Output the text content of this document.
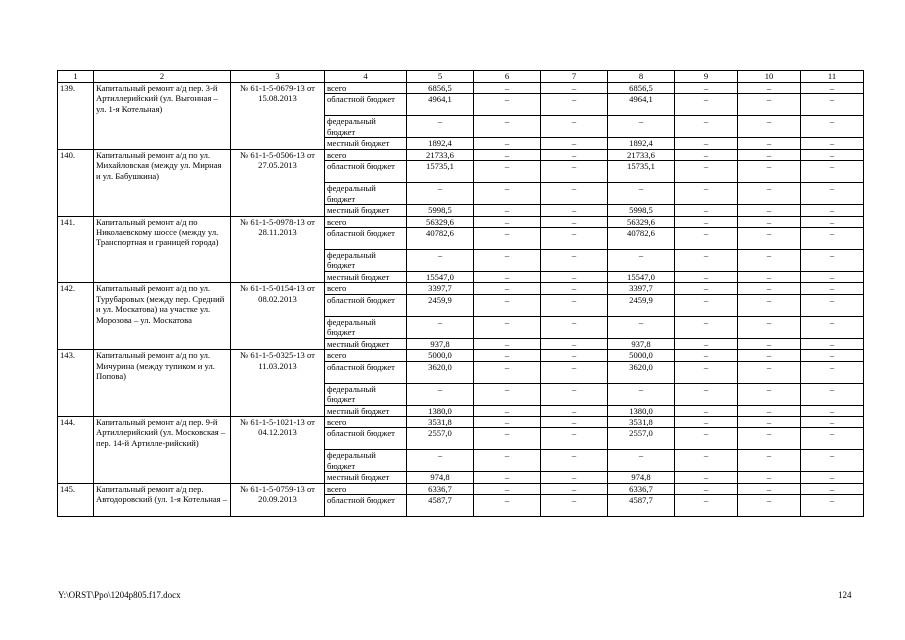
1	2	3	4	5	6	7	8	9	10	11
139.	Капитальный ремонт а/д пер. 3-й Артиллерийский (ул. Выгонная – ул. 1-я Котельная)	№ 61-1-5-0679-13 от 15.08.2013	всего	6856,5	–	–	6856,5	–	–	–
			областной бюджет	4964,1	–	–	4964,1	–	–	–
			федеральный бюджет	–	–	–	–	–	–	–
			местный бюджет	1892,4	–	–	1892,4	–	–	–
140.	Капитальный ремонт а/д по ул. Михайловская (между ул. Мирная и ул. Бабушкина)	№ 61-1-5-0506-13 от 27.05.2013	всего	21733,6	–	–	21733,6	–	–	–
			областной бюджет	15735,1	–	–	15735,1	–	–	–
			федеральный бюджет	–	–	–	–	–	–	–
			местный бюджет	5998,5	–	–	5998,5	–	–	–
141.	Капитальный ремонт а/д по Николаевскому шоссе (между ул. Транспортная и границей города)	№ 61-1-5-0978-13 от 28.11.2013	всего	56329,6	–	–	56329,6	–	–	–
			областной бюджет	40782,6	–	–	40782,6	–	–	–
			федеральный бюджет	–	–	–	–	–	–	–
			местный бюджет	15547,0	–	–	15547,0	–	–	–
142.	Капитальный ремонт а/д по ул. Турубаровых (между пер. Средний и ул. Москатова) на участке ул. Морозова – ул. Москатова	№ 61-1-5-0154-13 от 08.02.2013	всего	3397,7	–	–	3397,7	–	–	–
			областной бюджет	2459,9	–	–	2459,9	–	–	–
			федеральный бюджет	–	–	–	–	–	–	–
			местный бюджет	937,8	–	–	937,8	–	–	–
143.	Капитальный ремонт а/д по ул. Мичурина (между тупиком и ул. Попова)	№ 61-1-5-0325-13 от 11.03.2013	всего	5000,0	–	–	5000,0	–	–	–
			областной бюджет	3620,0	–	–	3620,0	–	–	–
			федеральный бюджет	–	–	–	–	–	–	–
			местный бюджет	1380,0	–	–	1380,0	–	–	–
144.	Капитальный ремонт а/д пер. 9-й Артиллерийский (ул. Московская – пер. 14-й Артилле-рийский)	№ 61-1-5-1021-13 от 04.12.2013	всего	3531,8	–	–	3531,8	–	–	–
			областной бюджет	2557,0	–	–	2557,0	–	–	–
			федеральный бюджет	–	–	–	–	–	–	–
			местный бюджет	974,8	–	–	974,8	–	–	–
145.	Капитальный ремонт а/д пер. Автодоровский (ул. 1-я Котельная –	№ 61-1-5-0759-13 от 20.09.2013	всего	6336,7	–	–	6336,7	–	–	–
			областной бюджет	4587,7	–	–	4587,7	–	–	–
Y:\ORST\Ppo\1204p805.f17.docx	124
